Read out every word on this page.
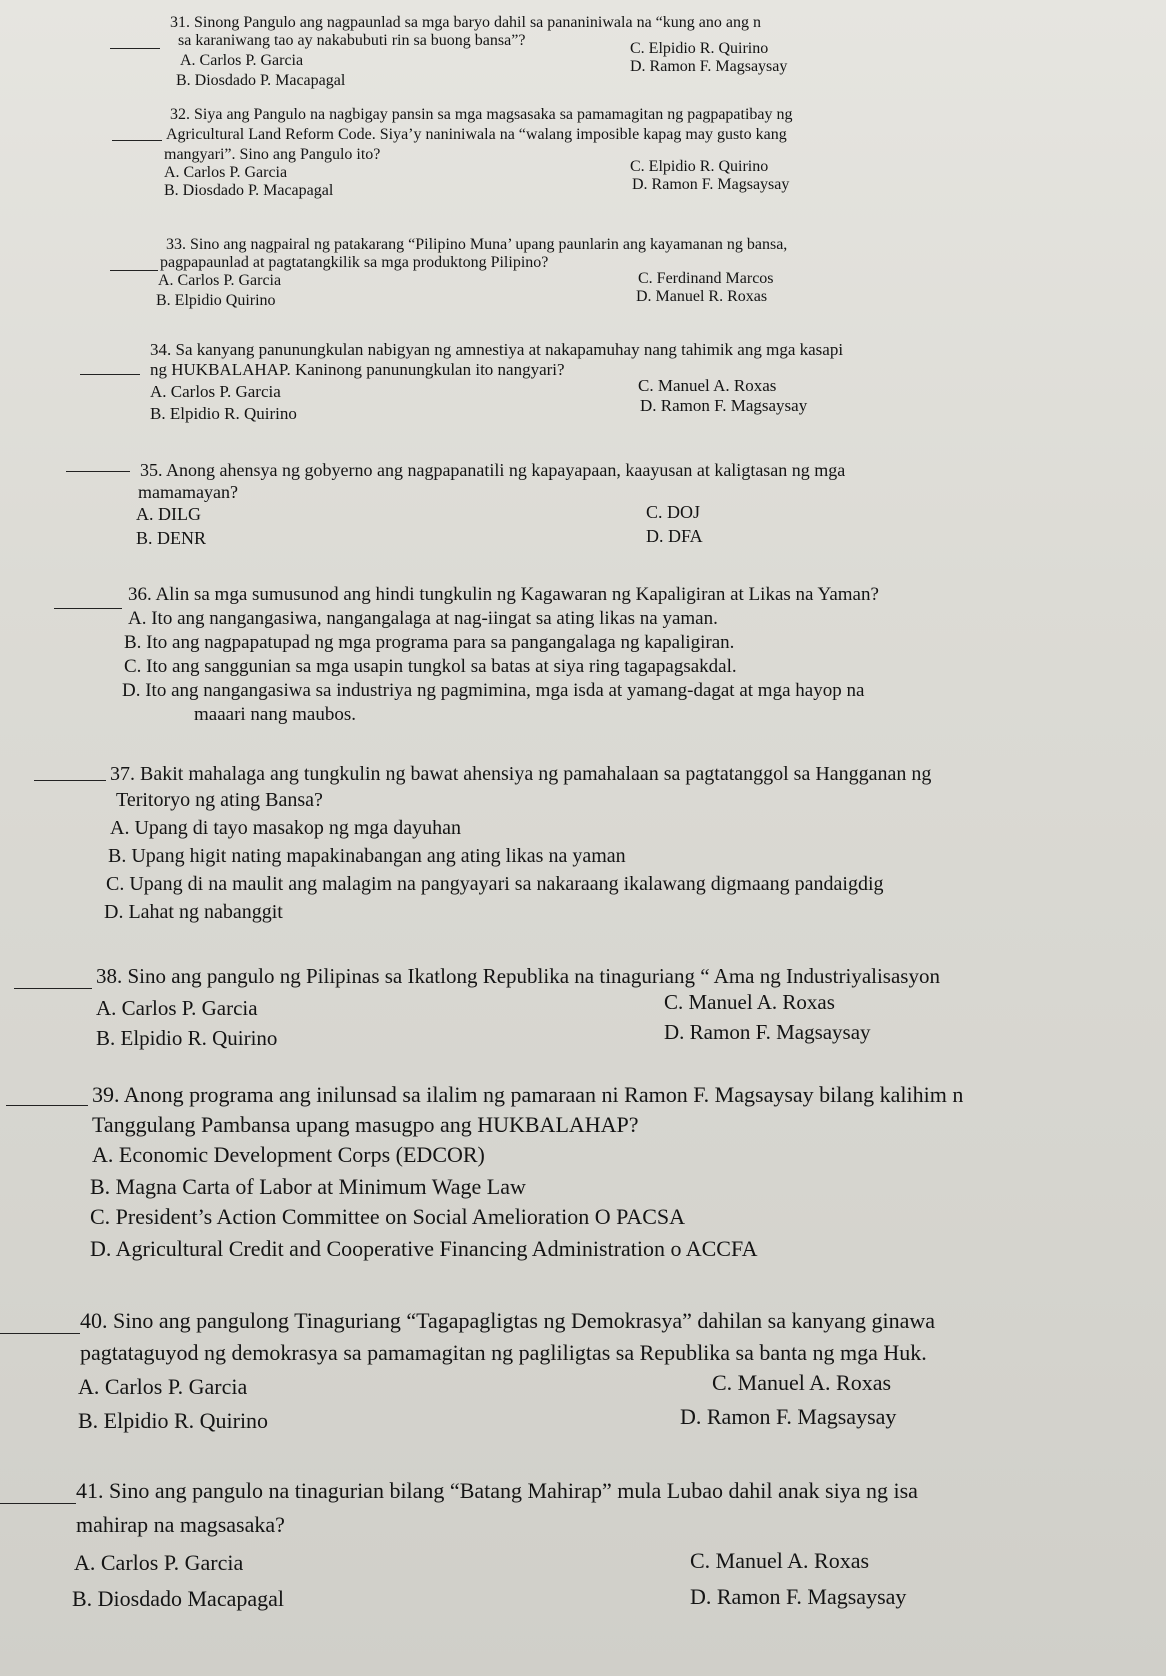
31. Sinong Pangulo ang nagpaunlad sa mga baryo dahil sa pananiniwala na “kung ano ang n
sa karaniwang tao ay nakabubuti rin sa buong bansa”?
A. Carlos P. Garcia
B. Diosdado P. Macapagal
C. Elpidio R. Quirino
D. Ramon F. Magsaysay
32. Siya ang Pangulo na nagbigay pansin sa mga magsasaka sa pamamagitan ng pagpapatibay ng
Agricultural Land Reform Code. Siya’y naniniwala na “walang imposible kapag may gusto kang
mangyari”. Sino ang Pangulo ito?
A. Carlos P. Garcia
B. Diosdado P. Macapagal
C. Elpidio R. Quirino
D. Ramon F. Magsaysay
33. Sino ang nagpairal ng patakarang “Pilipino Muna’ upang paunlarin ang kayamanan ng bansa,
pagpapaunlad at pagtatangkilik sa mga produktong Pilipino?
A. Carlos P. Garcia
B. Elpidio Quirino
C. Ferdinand Marcos
D. Manuel R. Roxas
34. Sa kanyang panunungkulan nabigyan ng amnestiya at nakapamuhay nang tahimik ang mga kasapi
ng HUKBALAHAP. Kaninong panunungkulan ito nangyari?
A. Carlos P. Garcia
B. Elpidio R. Quirino
C. Manuel A. Roxas
D. Ramon F. Magsaysay
35. Anong ahensya ng gobyerno ang nagpapanatili ng kapayapaan, kaayusan at kaligtasan ng mga
mamamayan?
A. DILG
B. DENR
C. DOJ
D. DFA
36. Alin sa mga sumusunod ang hindi tungkulin ng Kagawaran ng Kapaligiran at Likas na Yaman?
A. Ito ang nangangasiwa, nangangalaga at nag-iingat sa ating likas na yaman.
B. Ito ang nagpapatupad ng mga programa para sa pangangalaga ng kapaligiran.
C. Ito ang sanggunian sa mga usapin tungkol sa batas at siya ring tagapagsakdal.
D. Ito ang nangangasiwa sa industriya ng pagmimina, mga isda at yamang-dagat at mga hayop na
maaari nang maubos.
37. Bakit mahalaga ang tungkulin ng bawat ahensiya ng pamahalaan sa pagtatanggol sa Hangganan ng
Teritoryo ng ating Bansa?
A. Upang di tayo masakop ng mga dayuhan
B. Upang higit nating mapakinabangan ang ating likas na yaman
C. Upang di na maulit ang malagim na pangyayari sa nakaraang ikalawang digmaang pandaigdig
D. Lahat ng nabanggit
38. Sino ang pangulo ng Pilipinas sa Ikatlong Republika na tinaguriang “ Ama ng Industriyalisasyon
A. Carlos P. Garcia
B. Elpidio R. Quirino
C. Manuel A. Roxas
D. Ramon F. Magsaysay
39. Anong programa ang inilunsad sa ilalim ng pamaraan ni Ramon F. Magsaysay bilang kalihim n
Tanggulang Pambansa upang masugpo ang HUKBALAHAP?
A. Economic Development Corps (EDCOR)
B. Magna Carta of Labor at Minimum Wage Law
C. President’s Action Committee on Social Amelioration O PACSA
D. Agricultural Credit and Cooperative Financing Administration o ACCFA
40. Sino ang pangulong Tinaguriang “Tagapagligtas ng Demokrasya” dahilan sa kanyang ginawa
pagtataguyod ng demokrasya sa pamamagitan ng pagliligtas sa Republika sa banta ng mga Huk.
A. Carlos P. Garcia
B. Elpidio R. Quirino
C. Manuel A. Roxas
D. Ramon F. Magsaysay
41. Sino ang pangulo na tinagurian bilang “Batang Mahirap” mula Lubao dahil anak siya ng isa
mahirap na magsasaka?
A. Carlos P. Garcia
B. Diosdado Macapagal
C. Manuel A. Roxas
D. Ramon F. Magsaysay
